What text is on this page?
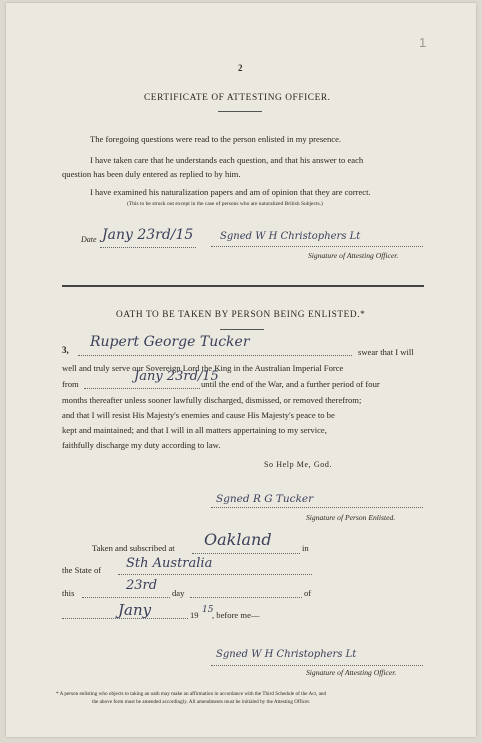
1
2
CERTIFICATE OF ATTESTING OFFICER.
The foregoing questions were read to the person enlisted in my presence.
I have taken care that he understands each question, and that his answer to each
question has been duly entered as replied to by him.
I have examined his naturalization papers and am of opinion that they are correct.
(This to be struck out except in the case of persons who are naturalized British Subjects.)
Date Jany 23rd/15	Sgned W H Christophers Lt
Signature of Attesting Officer.
OATH TO BE TAKEN BY PERSON BEING ENLISTED.*
3, Rupert George Tucker
swear that I will
well and truly serve our Sovereign Lord the King in the Australian Imperial Force
from	Jany 23rd/15
until the end of the War, and a further period of four
months thereafter unless sooner lawfully discharged, dismissed, or removed therefrom;
and that I will resist His Majesty's enemies and cause His Majesty's peace to be
kept and maintained; and that I will in all matters appertaining to my service,
faithfully discharge my duty according to law.
So Help Me, God.
Sgned R G Tucker
Signature of Person Enlisted.
Taken and subscribed at Oakland	in
the State of Sth Australia
this	23rd day	of
Jany	19 15
, before me—
Sgned W H Christophers Lt
Signature of Attesting Officer.
* A person enlisting who objects to taking an oath may make an affirmation in accordance with the Third Schedule of the Act, and
the above form must be amended accordingly. All amendments must be initialed by the Attesting Officer.
